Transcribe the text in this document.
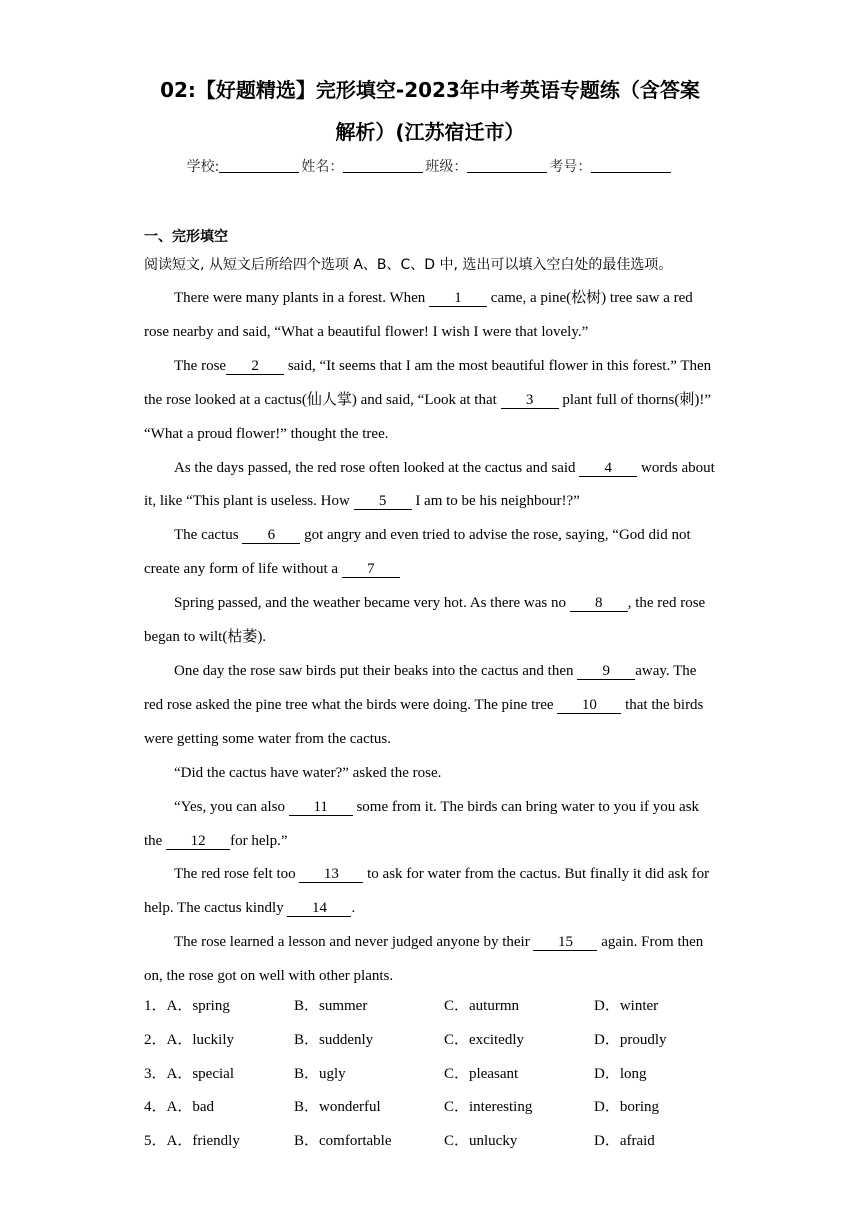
02:【好题精选】完形填空-2023年中考英语专题练（含答案
解析）(江苏宿迁市）
学校:	姓名：	班级：	考号：
一、完形填空
阅读短文, 从短文后所给四个选项 A、B、C、D 中, 选出可以填入空白处的最佳选项。

There were many plants in a forest. When 1 came, a pine(松树) tree saw a red rose nearby and said, “What a beautiful flower! I wish I were that lovely.”

The rose 2 said, “It seems that I am the most beautiful flower in this forest.” Then the rose looked at a cactus(仙人掌) and said, “Look at that 3 plant full of thorns(刺)!” “What a proud flower!” thought the tree.

As the days passed, the red rose often looked at the cactus and said 4 words about it, like “This plant is useless. How 5 I am to be his neighbour!?”

The cactus 6 got angry and even tried to advise the rose, saying, “God did not create any form of life without a 7

Spring passed, and the weather became very hot. As there was no 8 , the red rose began to wilt(枯萎).

One day the rose saw birds put their beaks into the cactus and then 9 away. The red rose asked the pine tree what the birds were doing. The pine tree 10 that the birds were getting some water from the cactus.

“Did the cactus have water?” asked the rose.

“Yes, you can also 11 some from it. The birds can bring water to you if you ask the 12 for help.”

The red rose felt too 13 to ask for water from the cactus. But finally it did ask for help. The cactus kindly 14 .

The rose learned a lesson and never judged anyone by their 15 again. From then on, the rose got on well with other plants.

1．A．spring	B．summer	C．auturmn	D．winter
2．A．luckily	B．suddenly	C．excitedly	D．proudly
3．A．special	B．ugly	C．pleasant	D．long
4．A．bad	B．wonderful	C．interesting	D．boring
5．A．friendly	B．comfortable	C．unlucky	D．afraid
